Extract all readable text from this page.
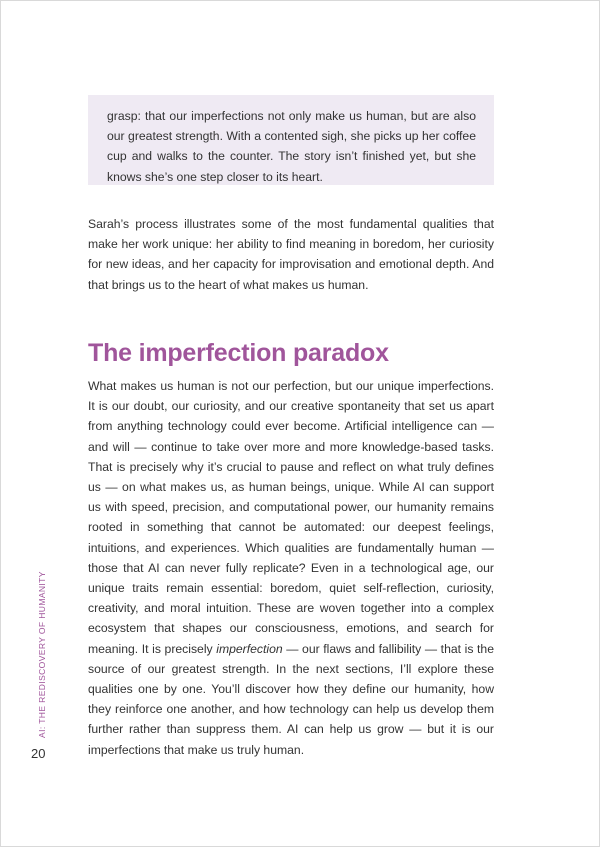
grasp: that our imperfections not only make us human, but are also our greatest strength. With a contented sigh, she picks up her coffee cup and walks to the counter. The story isn’t finished yet, but she knows she’s one step closer to its heart.

Sarah’s process illustrates some of the most fundamental qualities that make her work unique: her ability to find meaning in boredom, her curiosity for new ideas, and her capacity for improvisation and emotional depth. And that brings us to the heart of what makes us human.

The imperfection paradox

What makes us human is not our perfection, but our unique imperfections. It is our doubt, our curiosity, and our creative spontaneity that set us apart from anything technology could ever become. Artificial intelligence can — and will — continue to take over more and more knowledge-based tasks. That is precisely why it’s crucial to pause and reflect on what truly defines us — on what makes us, as human beings, unique. While AI can support us with speed, precision, and computational power, our humanity remains rooted in something that cannot be automated: our deepest feelings, intuitions, and experiences. Which qualities are fundamentally human — those that AI can never fully replicate? Even in a technological age, our unique traits remain essential: boredom, quiet self-reflection, curiosity, creativity, and moral intuition. These are woven together into a complex ecosystem that shapes our consciousness, emotions, and search for meaning. It is precisely imperfection — our flaws and fallibility — that is the source of our greatest strength. In the next sections, I’ll explore these qualities one by one. You’ll discover how they define our humanity, how they reinforce one another, and how technology can help us develop them further rather than suppress them. AI can help us grow — but it is our imperfections that make us truly human.

AI: THE REDISCOVERY OF HUMANITY
20
